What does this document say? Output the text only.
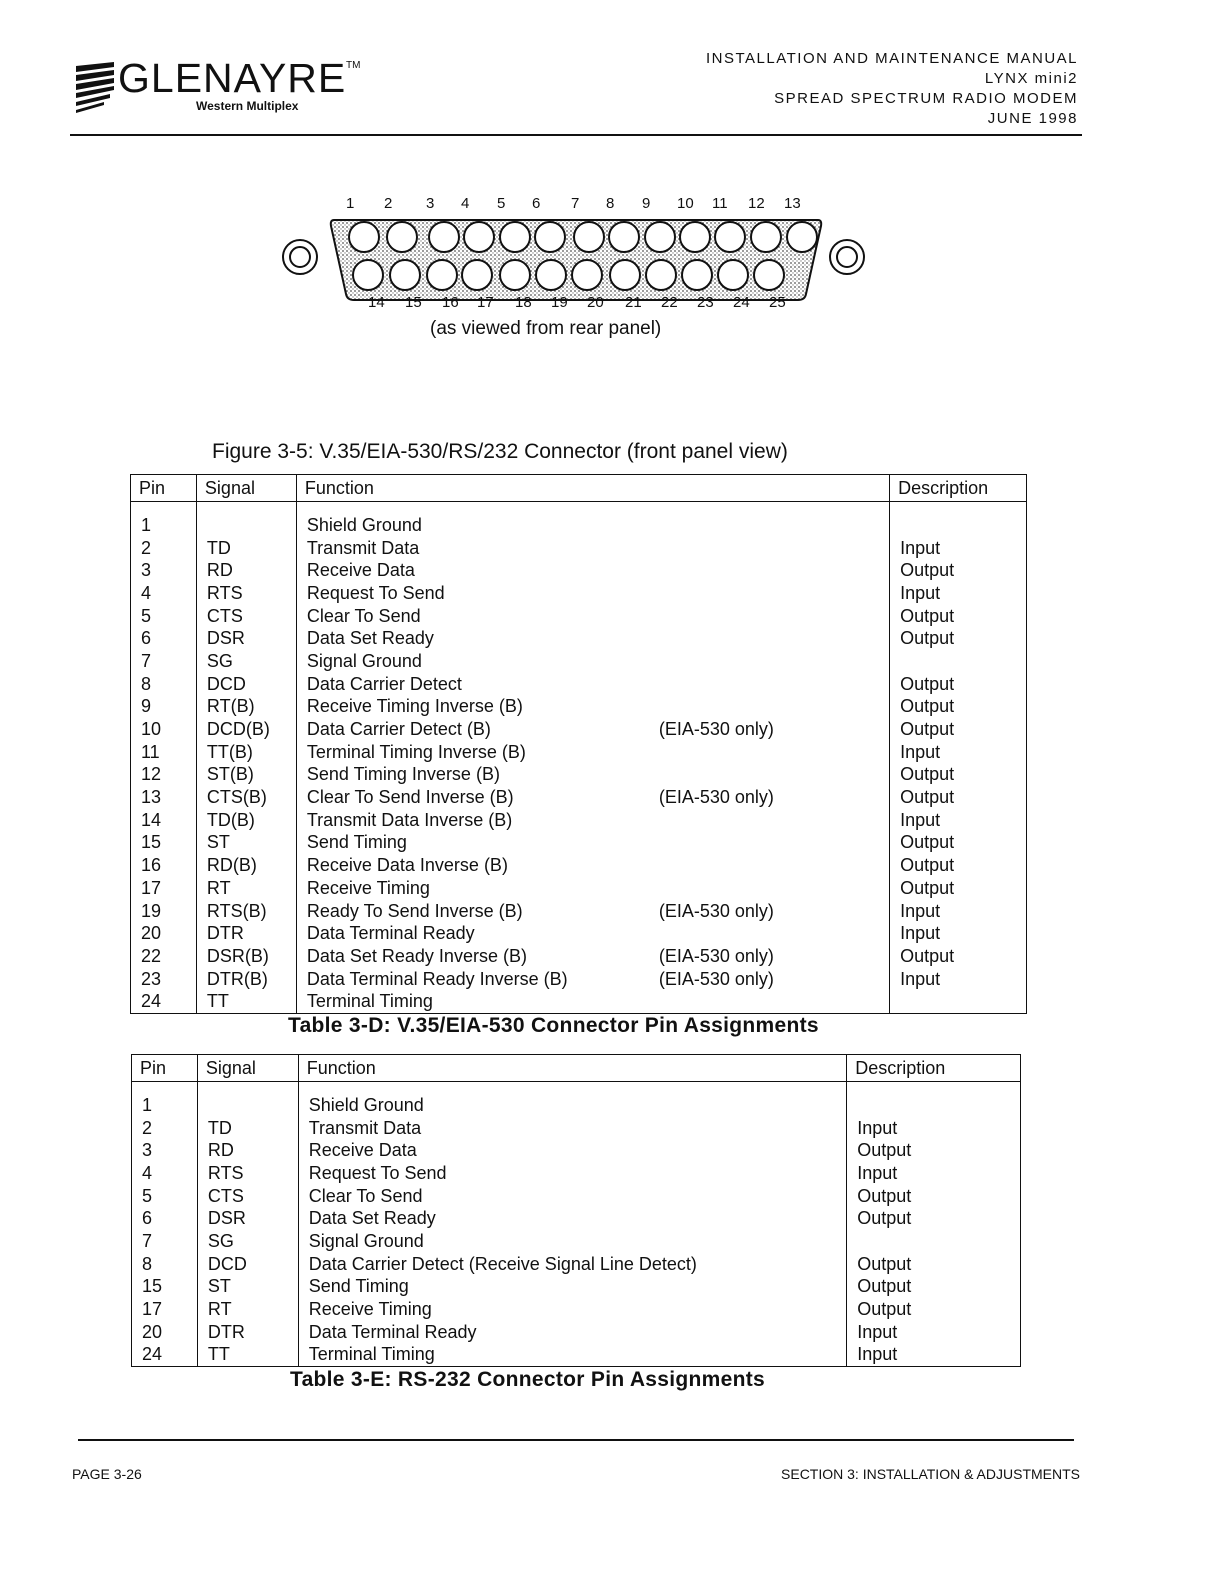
GLENAYRE TM
Western Multiplex
INSTALLATION AND MAINTENANCE MANUAL
LYNX mini2
SPREAD SPECTRUM RADIO MODEM
JUNE 1998
1 2 3 4 5 6 7 8 9 10 11 12 13
14 15 16 17 18 19 20 21 22 23 24 25
(as viewed from rear panel)
Figure 3-5: V.35/EIA-530/RS/232 Connector (front panel view)
Pin	Signal	Function	Description

1		Shield Ground	
2	TD	Transmit Data	Input
3	RD	Receive Data	Output
4	RTS	Request To Send	Input
5	CTS	Clear To Send	Output
6	DSR	Data Set Ready	Output
7	SG	Signal Ground	
8	DCD	Data Carrier Detect	Output
9	RT(B)	Receive Timing Inverse (B)	Output
10	DCD(B)	Data Carrier Detect (B) (EIA-530 only)	Output
11	TT(B)	Terminal Timing Inverse (B)	Input
12	ST(B)	Send Timing Inverse (B)	Output
13	CTS(B)	Clear To Send Inverse (B) (EIA-530 only)	Output
14	TD(B)	Transmit Data Inverse (B)	Input
15	ST	Send Timing	Output
16	RD(B)	Receive Data Inverse (B)	Output
17	RT	Receive Timing	Output
19	RTS(B)	Ready To Send Inverse (B) (EIA-530 only)	Input
20	DTR	Data Terminal Ready	Input
22	DSR(B)	Data Set Ready Inverse (B) (EIA-530 only)	Output
23	DTR(B)	Data Terminal Ready Inverse (B) (EIA-530 only)	Input
24	TT	Terminal Timing	
Table 3-D: V.35/EIA-530 Connector Pin Assignments
Pin	Signal	Function	Description

1		Shield Ground	
2	TD	Transmit Data	Input
3	RD	Receive Data	Output
4	RTS	Request To Send	Input
5	CTS	Clear To Send	Output
6	DSR	Data Set Ready	Output
7	SG	Signal Ground	
8	DCD	Data Carrier Detect (Receive Signal Line Detect)	Output
15	ST	Send Timing	Output
17	RT	Receive Timing	Output
20	DTR	Data Terminal Ready	Input
24	TT	Terminal Timing	Input
Table 3-E: RS-232 Connector Pin Assignments
PAGE 3-26	SECTION 3: INSTALLATION & ADJUSTMENTS
